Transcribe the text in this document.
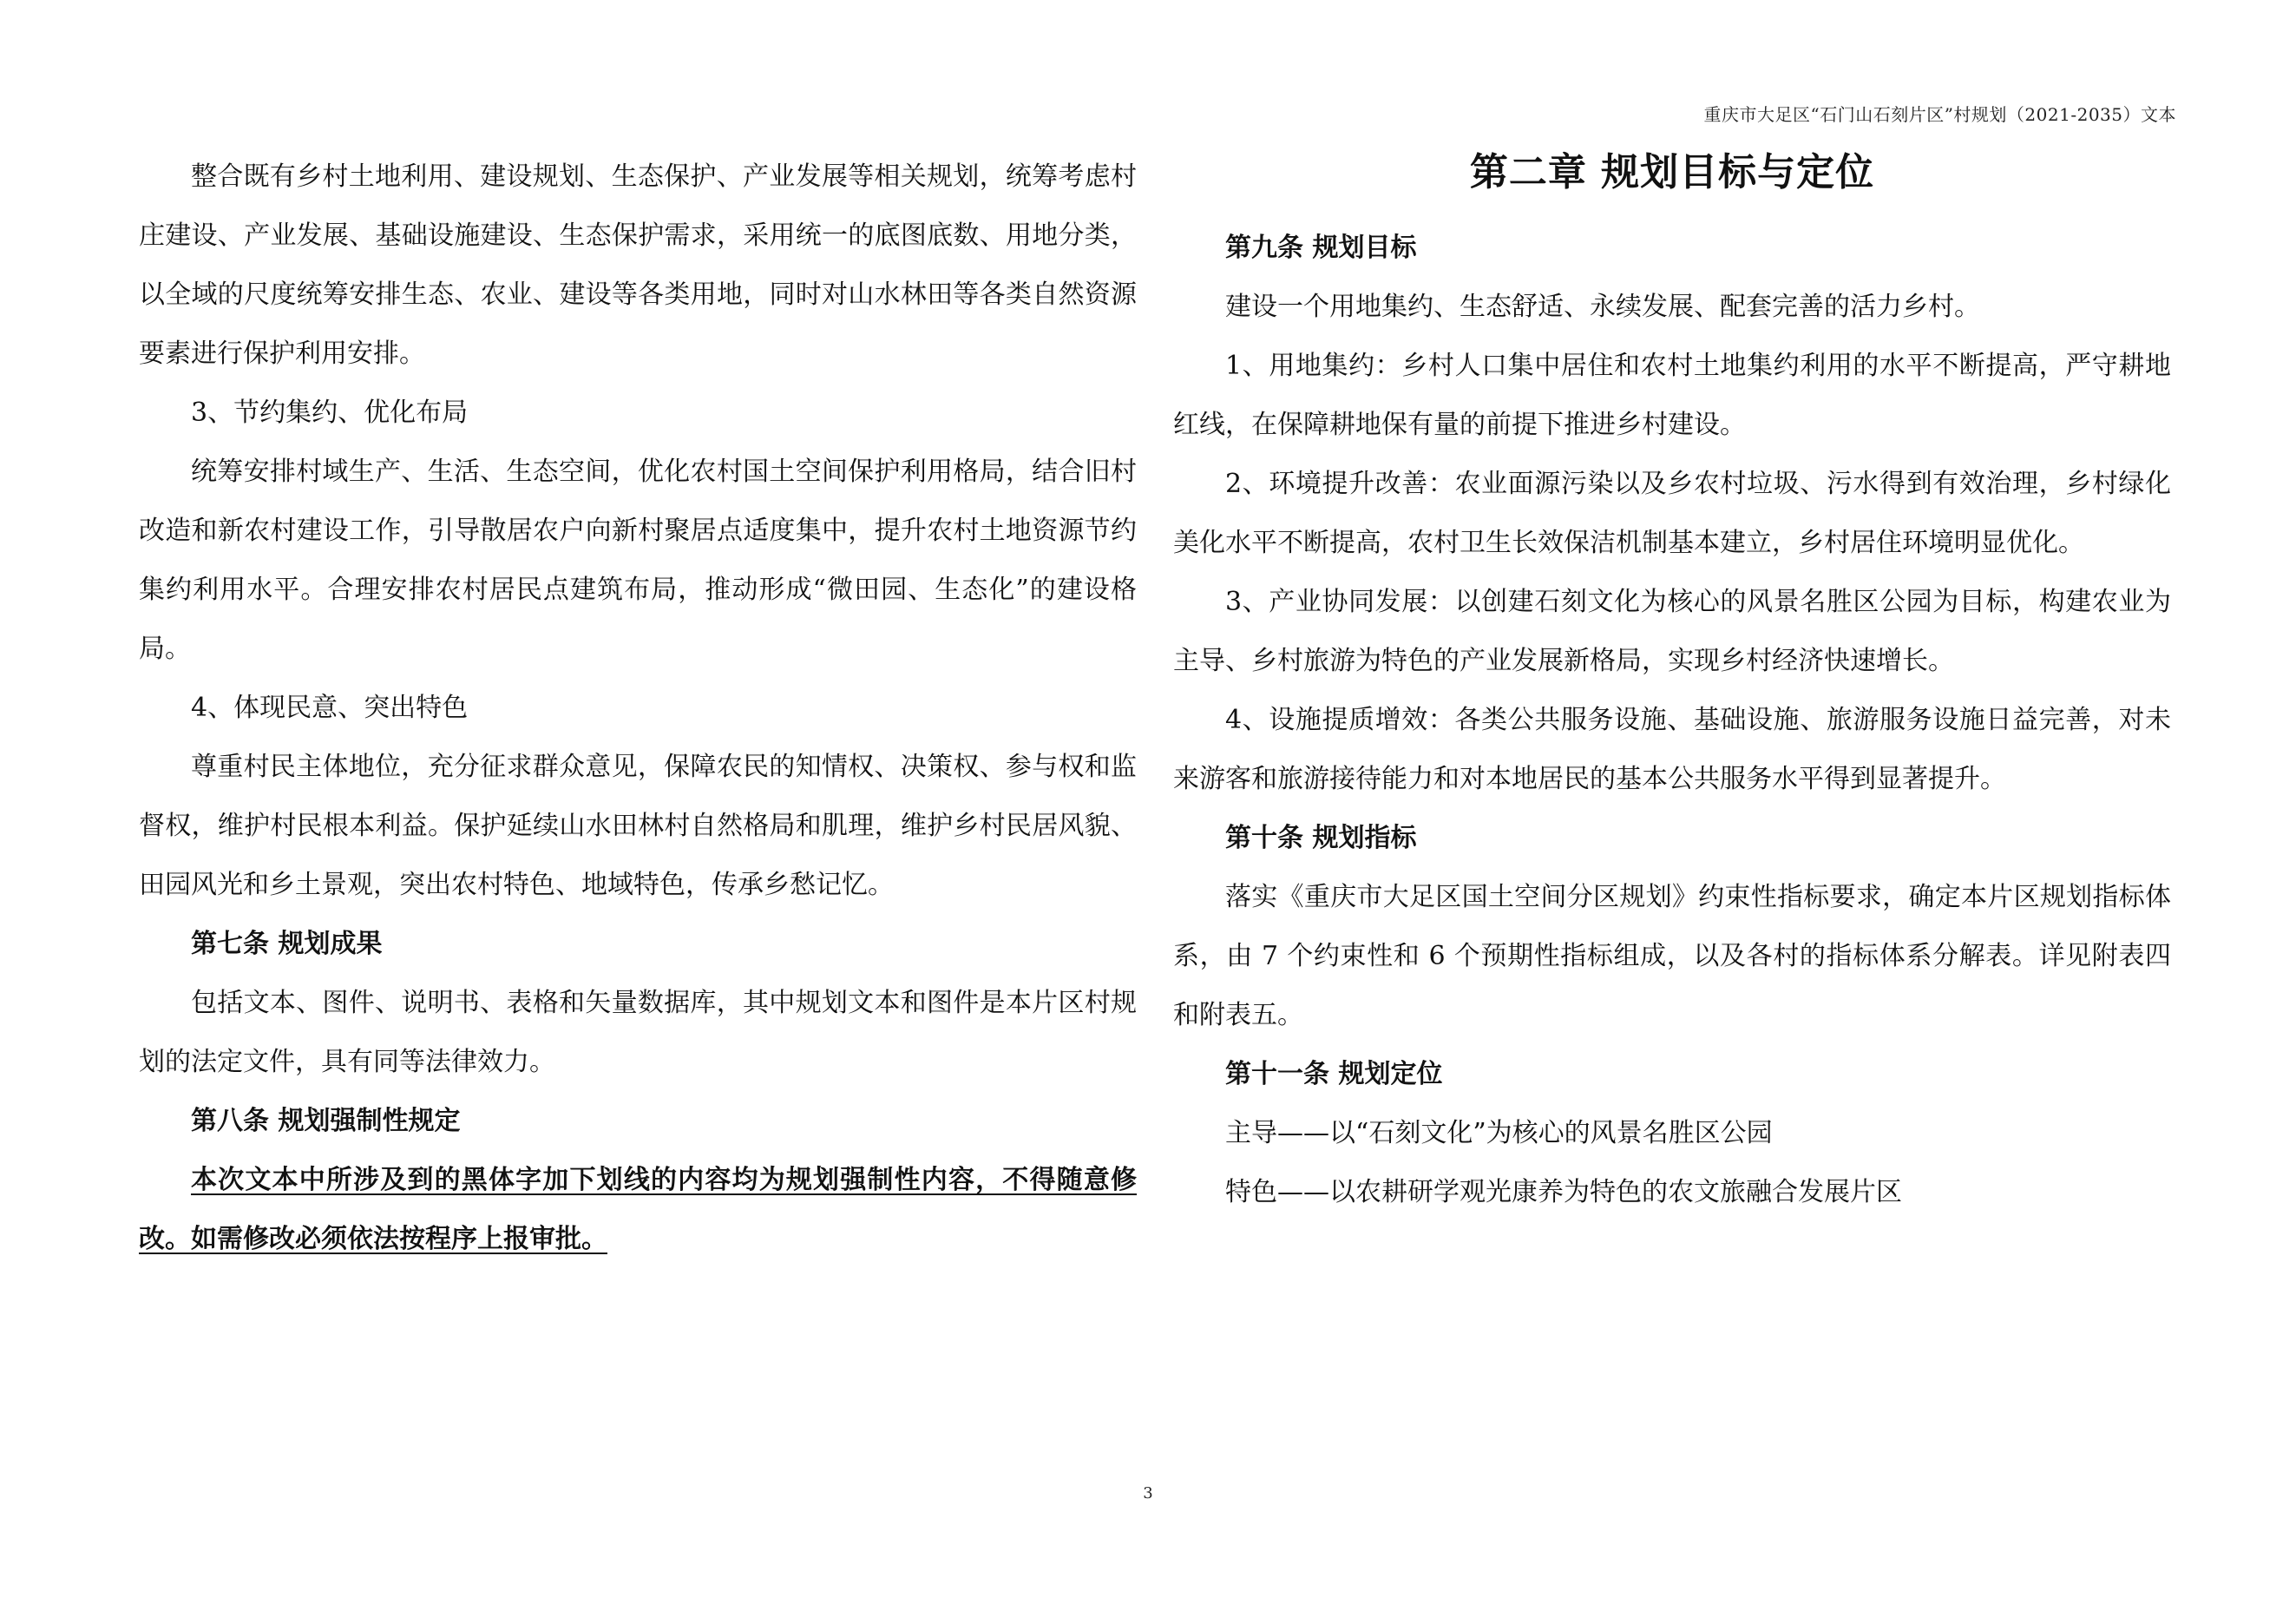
重庆市大足区“石门山石刻片区”村规划（2021-2035）文本

整合既有乡村土地利用、建设规划、生态保护、产业发展等相关规划，统筹考虑村庄建设、产业发展、基础设施建设、生态保护需求，采用统一的底图底数、用地分类，以全域的尺度统筹安排生态、农业、建设等各类用地，同时对山水林田等各类自然资源要素进行保护利用安排。

3、节约集约、优化布局

统筹安排村域生产、生活、生态空间，优化农村国土空间保护利用格局，结合旧村改造和新农村建设工作，引导散居农户向新村聚居点适度集中，提升农村土地资源节约集约利用水平。合理安排农村居民点建筑布局，推动形成“微田园、生态化”的建设格局。

4、体现民意、突出特色

尊重村民主体地位，充分征求群众意见，保障农民的知情权、决策权、参与权和监督权，维护村民根本利益。保护延续山水田林村自然格局和肌理，维护乡村民居风貌、田园风光和乡土景观，突出农村特色、地域特色，传承乡愁记忆。

第七条 规划成果

包括文本、图件、说明书、表格和矢量数据库，其中规划文本和图件是本片区村规划的法定文件，具有同等法律效力。

第八条 规划强制性规定

本次文本中所涉及到的黑体字加下划线的内容均为规划强制性内容，不得随意修改。如需修改必须依法按程序上报审批。

第二章 规划目标与定位

第九条 规划目标

建设一个用地集约、生态舒适、永续发展、配套完善的活力乡村。

1、用地集约：乡村人口集中居住和农村土地集约利用的水平不断提高，严守耕地红线，在保障耕地保有量的前提下推进乡村建设。

2、环境提升改善：农业面源污染以及乡农村垃圾、污水得到有效治理，乡村绿化美化水平不断提高，农村卫生长效保洁机制基本建立，乡村居住环境明显优化。

3、产业协同发展：以创建石刻文化为核心的风景名胜区公园为目标，构建农业为主导、乡村旅游为特色的产业发展新格局，实现乡村经济快速增长。

4、设施提质增效：各类公共服务设施、基础设施、旅游服务设施日益完善，对未来游客和旅游接待能力和对本地居民的基本公共服务水平得到显著提升。

第十条 规划指标

落实《重庆市大足区国土空间分区规划》约束性指标要求，确定本片区规划指标体系，由 7 个约束性和 6 个预期性指标组成，以及各村的指标体系分解表。详见附表四和附表五。

第十一条 规划定位

主导——以“石刻文化”为核心的风景名胜区公园

特色——以农耕研学观光康养为特色的农文旅融合发展片区

3
